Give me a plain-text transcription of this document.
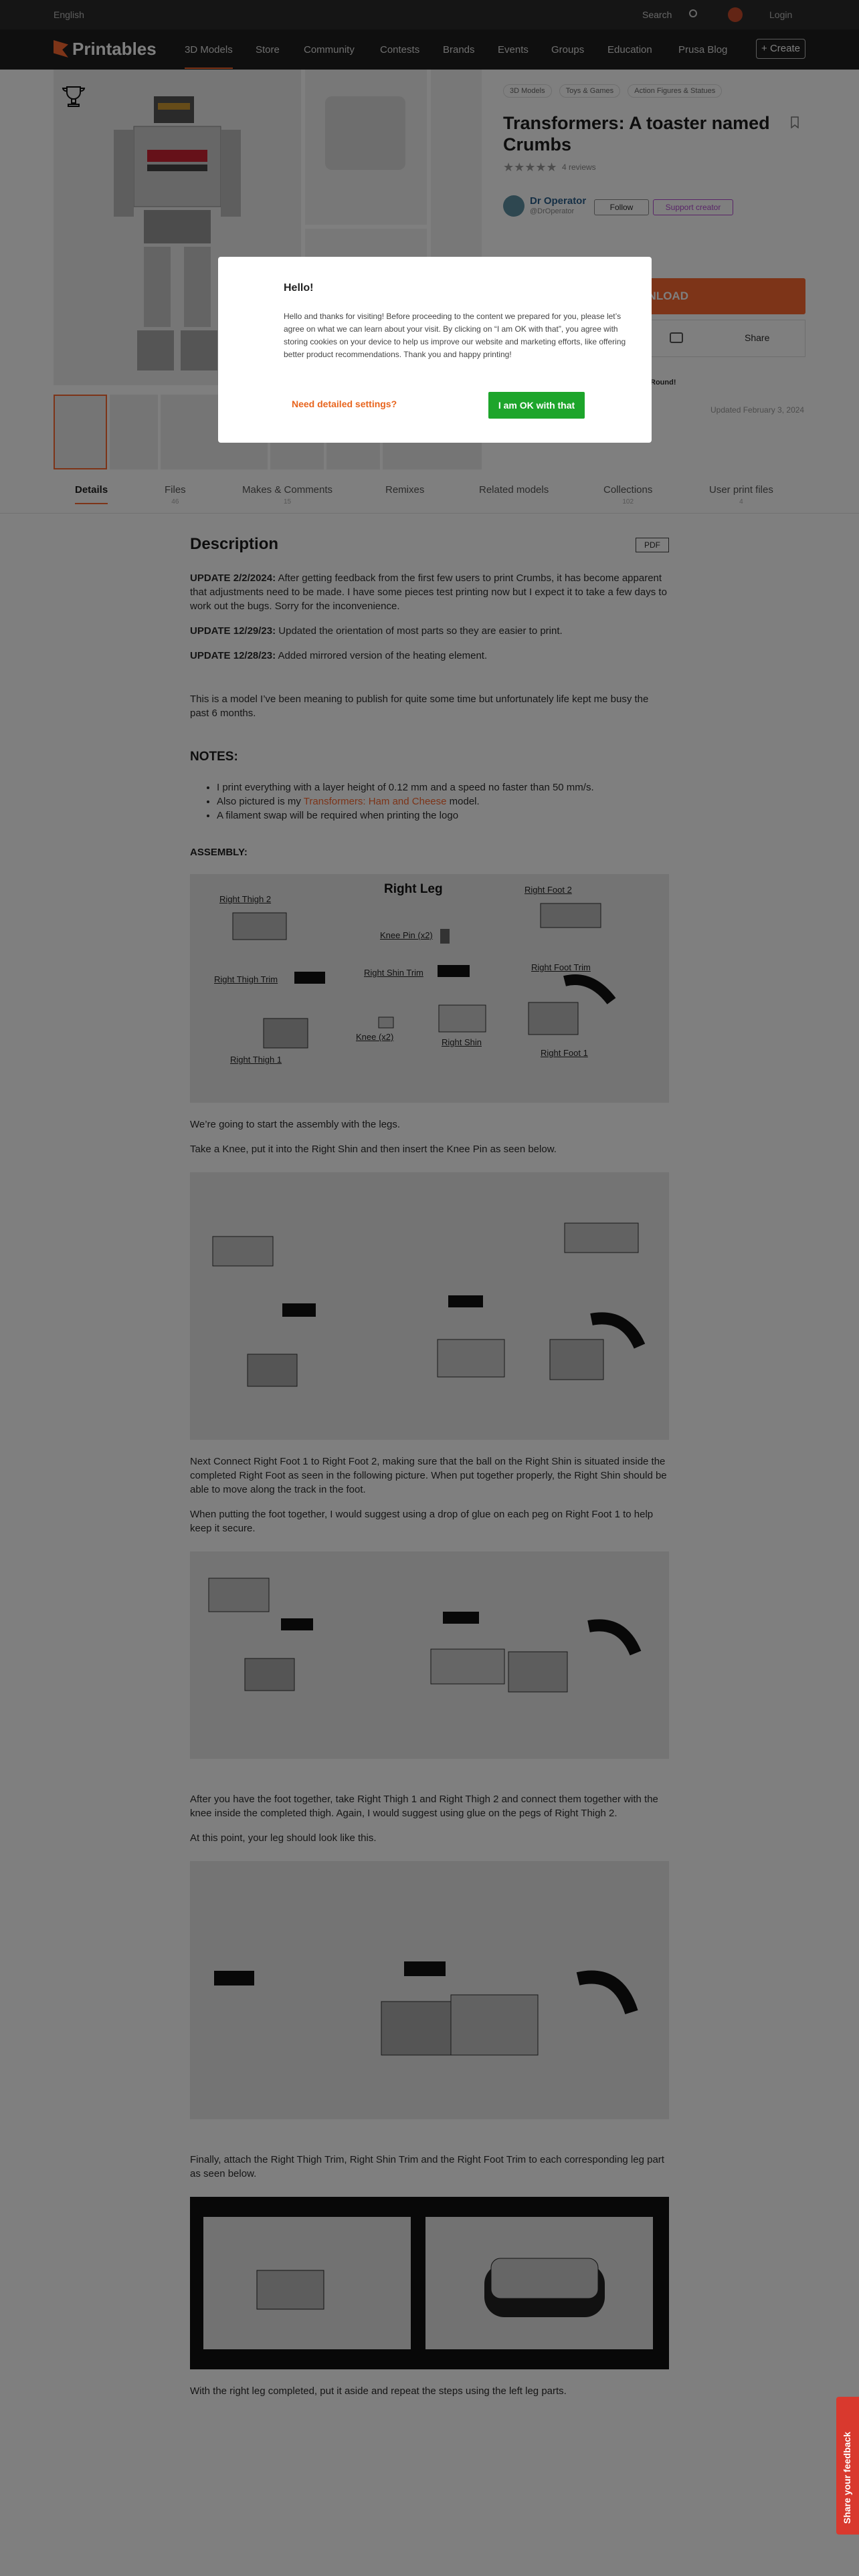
•
•
•

Hello!
Hello and thanks for visiting! Before proceeding to the content we prepared for you, please let’s agree on what we can learn about your visit. By clicking on “I am OK with that”, you agree with storing cookies on your device to help us improve our website and marketing efforts, like offering better product recommendations. Thank you and happy printing!
Need detailed settings?	I am OK with that
Share your feedback
